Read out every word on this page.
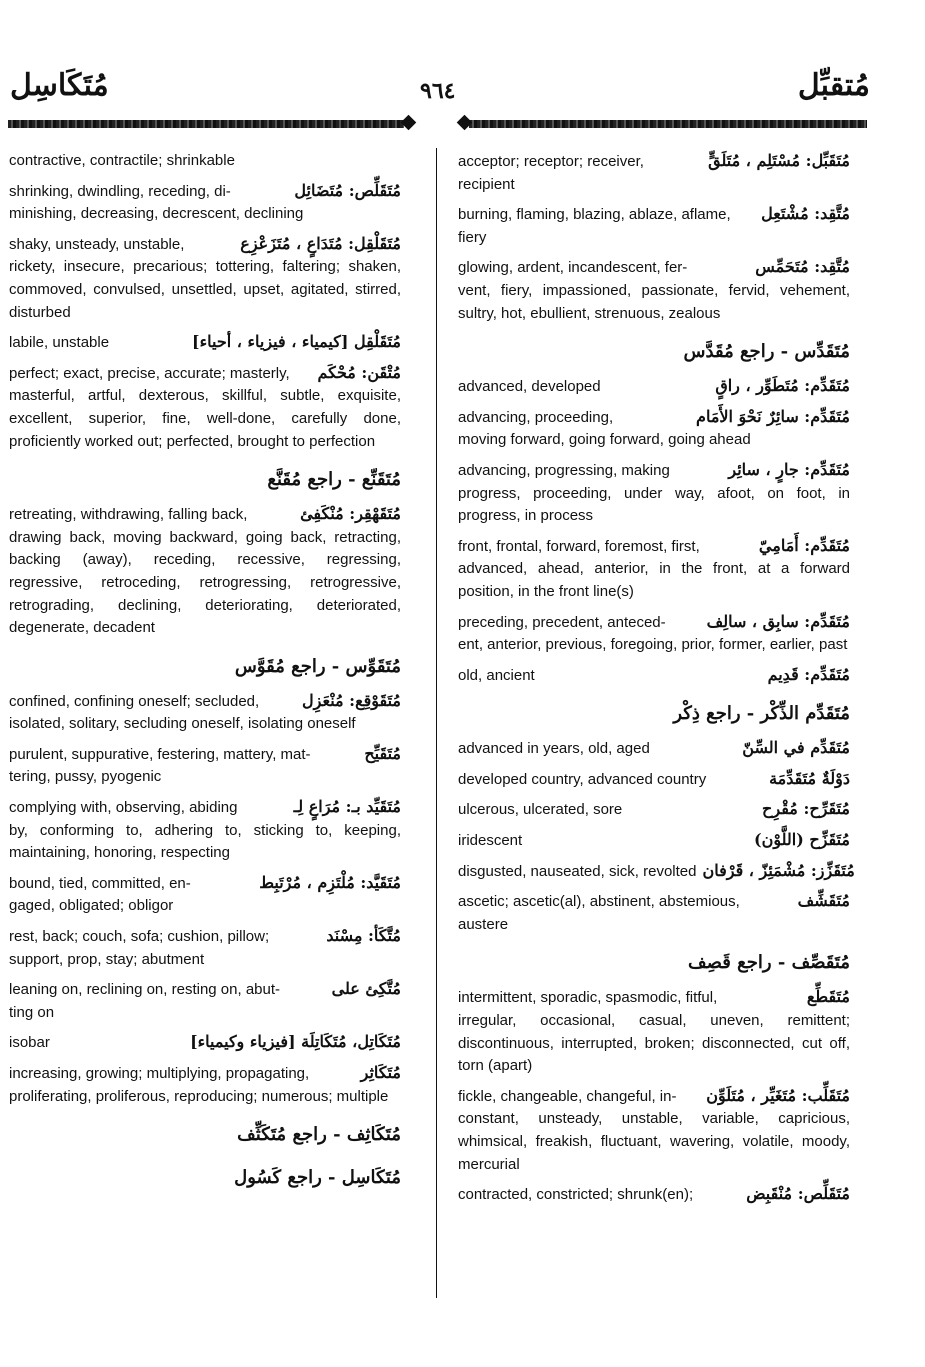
مُتَكَاسِل	٩٦٤	مُتقبِّل
contractive, contractile; shrinkable
shrinking, dwindling, receding, di-	مُتَقَلِّص: مُتَضَائِل
minishing, decreasing, decrescent, declining
shaky, unsteady, unstable,	مُتَقَلْقِل: مُتَدَاعٍ ، مُتَزَعْزِع
rickety, insecure, precarious; tottering, faltering; shaken, commoved, convulsed, unsettled, upset, agitated, stirred, disturbed
labile, unstable	مُتَقَلْقِل [كيمياء ، فيزياء ، أحياء]
perfect; exact, precise, accurate; masterly, مُتْقَن: مُحْكَم
masterful, artful, dexterous, skillful, subtle, exquisite, excellent, superior, fine, well-done, carefully done, proficiently worked out; perfected, brought to perfection
مُتَقَنِّع - راجع مُقَنَّع
retreating, withdrawing, falling back,	مُتَقَهْقِر: مُنْكَفِئ
drawing back, moving backward, going back, retracting, backing (away), receding, recessive, regressing, regressive, retroceding, retrogressing, retrogressive, retrograding, declining, deteriorating, deteriorated, degenerate, decadent
مُتَقَوِّس - راجع مُقَوَّس
confined, confining oneself; secluded,	مُتَقَوْقِع: مُنْعَزِل
isolated, solitary, secluding oneself, isolating oneself
purulent, suppurative, festering, mattery, mat-	مُتَقَيِّح
tering, pussy, pyogenic
complying with, observing, abiding	مُتَقَيِّد بـ: مُرَاعٍ لِـ
by, conforming to, adhering to, sticking to, keeping, maintaining, honoring, respecting
bound, tied, committed, en-	مُتَقَيَّد: مُلْتَزِم ، مُرْتَبِط
gaged, obligated; obligor
rest, back; couch, sofa; cushion, pillow;	مُتَّكَأ: مِسْنَد
support, prop, stay; abutment
leaning on, reclining on, resting on, abut-	مُتَّكِئ على
ting on
isobar	مُتَكَاتِل، مُتَكَاتِلَة [فيزياء وكيمياء]
increasing, growing; multiplying, propagating,	مُتَكَاثِر
proliferating, proliferous, reproducing; numerous; multiple
مُتَكَاثِف - راجع مُتَكَثِّف
مُتَكَاسِل - راجع كَسُول
acceptor; receptor; receiver,	مُتَقَبِّل: مُسْتَلِم ، مُتَلَقٍّ
recipient
burning, flaming, blazing, ablaze, aflame, مُتَّقِد: مُشْتَعِل
fiery
glowing, ardent, incandescent, fer-	مُتَّقِد: مُتَحَمِّس
vent, fiery, impassioned, passionate, fervid, vehement, sultry, hot, ebullient, strenuous, zealous
مُتَقَدِّس - راجع مُقَدَّس
advanced, developed	مُتَقَدِّم: مُتَطَوِّر ، راقٍ
advancing, proceeding,	مُتَقَدِّم: سائِرٌ نَحْوَ الأَمَام
moving forward, going forward, going ahead
advancing, progressing, making	مُتَقَدِّم: جارٍ ، سائِر
progress, proceeding, under way, afoot, on foot, in progress, in process
front, frontal, forward, foremost, first,	مُتَقَدِّم: أَمَامِيّ
advanced, ahead, anterior, in the front, at a forward position, in the front line(s)
preceding, precedent, anteced-	مُتَقَدِّم: سابِق ، سالِف
ent, anterior, previous, foregoing, prior, former, earlier, past
old, ancient	مُتَقَدِّم: قَدِيم
مُتَقَدِّم الذِّكْر - راجع ذِكْر
advanced in years, old, aged	مُتَقَدِّم في السِّنّ
developed country, advanced country	دَوْلَةٌ مُتَقَدِّمَة
ulcerous, ulcerated, sore	مُتَقَرِّح: مُقْرِح
iridescent	مُتَقَزِّح (اللَّوْن)
disgusted, nauseated, sick, revolted مُتَقَزِّز: مُشْمَئِزّ ، قَرْفان
ascetic; ascetic(al), abstinent, abstemious,	مُتَقَشِّف
austere
مُتَقَصِّف - راجع قَصِف
intermittent, sporadic, spasmodic, fitful,	مُتَقَطِّع
irregular, occasional, casual, uneven, remittent; discontinuous, interrupted, broken; disconnected, cut off, torn (apart)
fickle, changeable, changeful, in- مُتَقَلِّب: مُتَغَيِّر ، مُتَلَوِّن
constant, unsteady, unstable, variable, capricious, whimsical, freakish, fluctuant, wavering, volatile, moody, mercurial
contracted, constricted; shrunk(en);	مُتَقَلِّص: مُنْقَبِض
